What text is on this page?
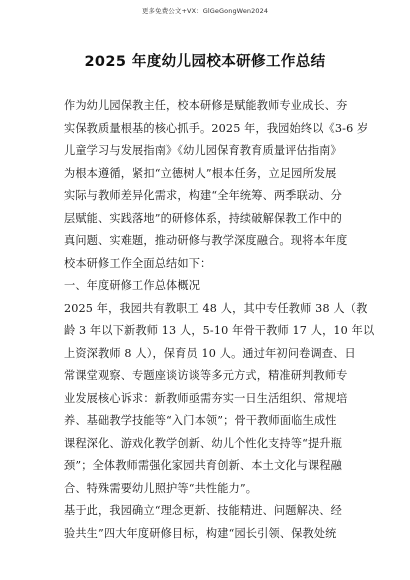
更多免费公文+VX：GlGeGongWen2024
2025 年度幼儿园校本研修工作总结
作为幼儿园保教主任，校本研修是赋能教师专业成长、夯
实保教质量根基的核心抓手。2025 年，我园始终以《3-6 岁
儿童学习与发展指南》《幼儿园保育教育质量评估指南》
为根本遵循，紧扣“立德树人”根本任务，立足园所发展
实际与教师差异化需求，构建“全年统筹、两季联动、分
层赋能、实践落地”的研修体系，持续破解保教工作中的
真问题、实难题，推动研修与教学深度融合。现将本年度
校本研修工作全面总结如下：
一、年度研修工作总体概况
2025 年，我园共有教职工 48 人，其中专任教师 38 人（教
龄 3 年以下新教师 13 人，5-10 年骨干教师 17 人，10 年以
上资深教师 8 人），保育员 10 人。通过年初问卷调查、日
常课堂观察、专题座谈访谈等多元方式，精准研判教师专
业发展核心诉求：新教师亟需夯实一日生活组织、常规培
养、基础教学技能等“入门本领”；骨干教师面临生成性
课程深化、游戏化教学创新、幼儿个性化支持等“提升瓶
颈”；全体教师需强化家园共育创新、本土文化与课程融
合、特殊需要幼儿照护等“共性能力”。
基于此，我园确立“理念更新、技能精进、问题解决、经
验共生”四大年度研修目标，构建“园长引领、保教处统
